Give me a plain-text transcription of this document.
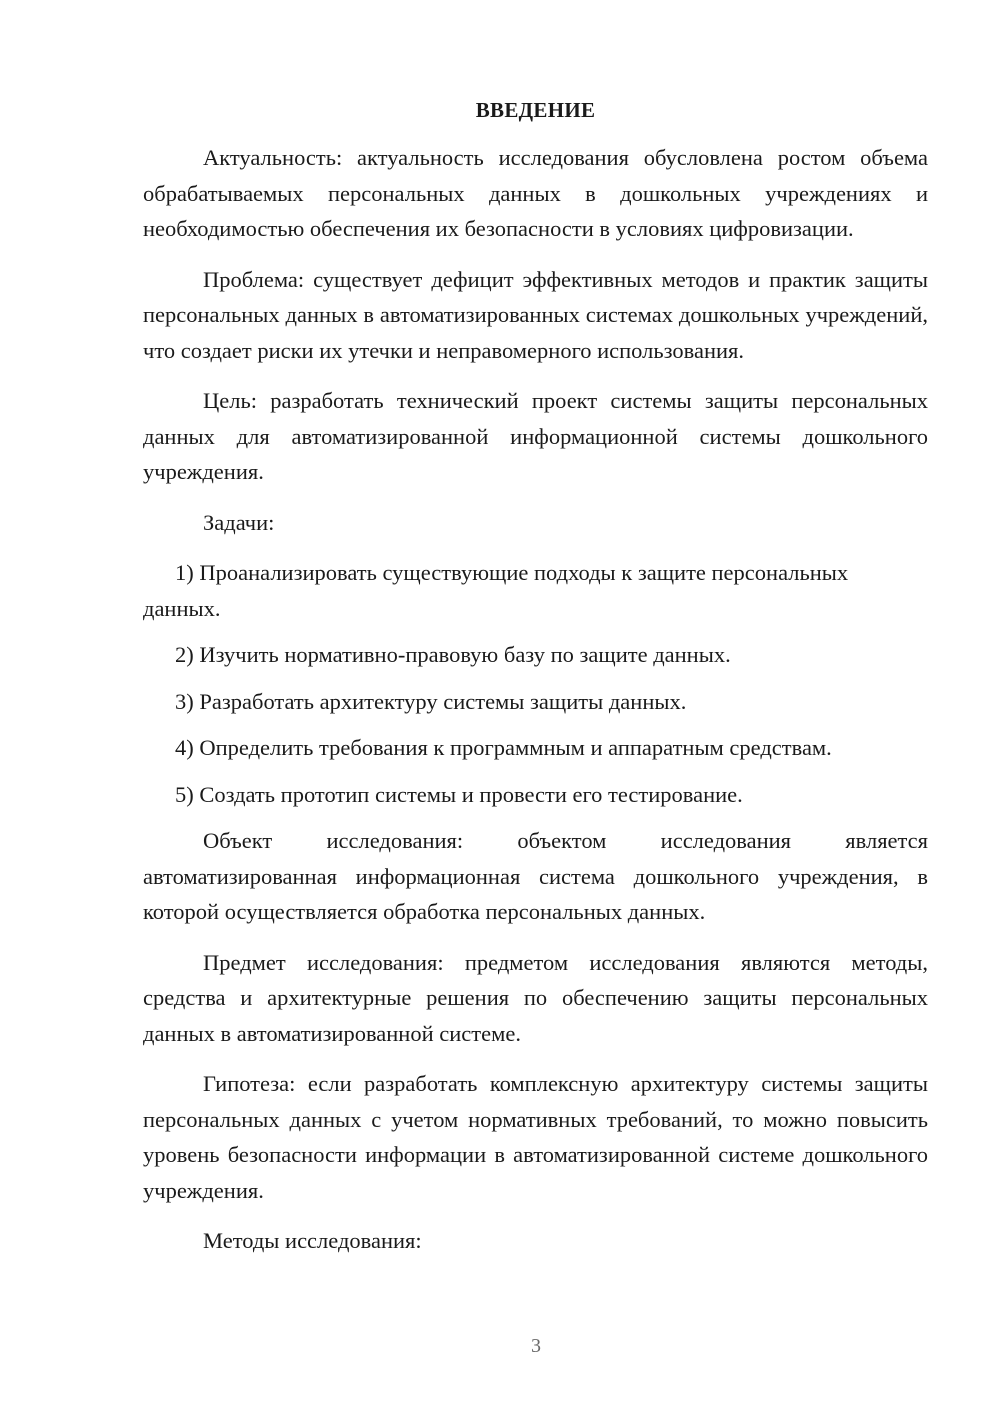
ВВЕДЕНИЕ

Актуальность: актуальность исследования обусловлена ростом объема обрабатываемых персональных данных в дошкольных учреждениях и необходимостью обеспечения их безопасности в условиях цифровизации.

Проблема: существует дефицит эффективных методов и практик защиты персональных данных в автоматизированных системах дошкольных учреждений, что создает риски их утечки и неправомерного использования.

Цель: разработать технический проект системы защиты персональных данных для автоматизированной информационной системы дошкольного учреждения.

Задачи:

1) Проанализировать существующие подходы к защите персональных данных.

2) Изучить нормативно-правовую базу по защите данных.

3) Разработать архитектуру системы защиты данных.

4) Определить требования к программным и аппаратным средствам.

5) Создать прототип системы и провести его тестирование.

Объект исследования: объектом исследования является автоматизированная информационная система дошкольного учреждения, в которой осуществляется обработка персональных данных.

Предмет исследования: предметом исследования являются методы, средства и архитектурные решения по обеспечению защиты персональных данных в автоматизированной системе.

Гипотеза: если разработать комплексную архитектуру системы защиты персональных данных с учетом нормативных требований, то можно повысить уровень безопасности информации в автоматизированной системе дошкольного учреждения.

Методы исследования:

3
